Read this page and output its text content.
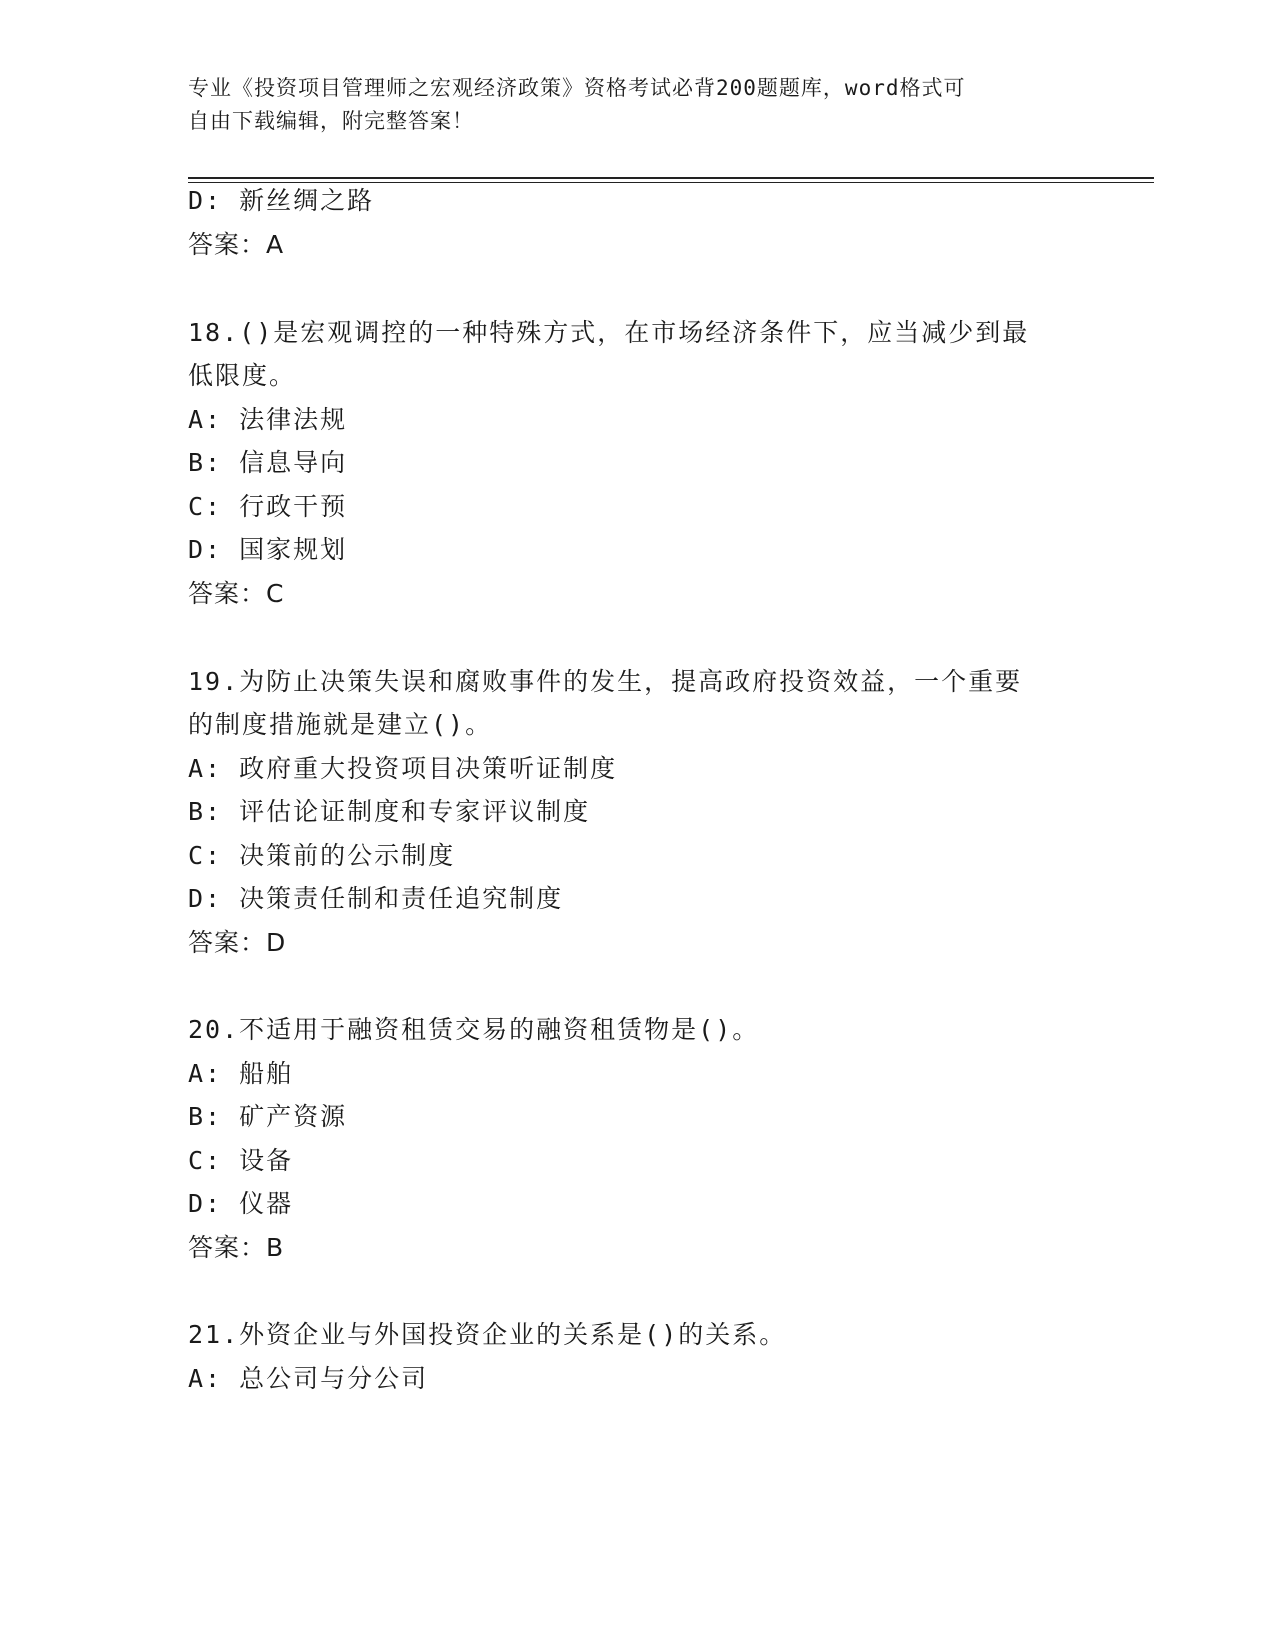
专业《投资项目管理师之宏观经济政策》资格考试必背200题题库，word格式可
自由下载编辑，附完整答案！
D: 新丝绸之路
答案：A
18.()是宏观调控的一种特殊方式，在市场经济条件下，应当减少到最
低限度。
A: 法律法规
B: 信息导向
C: 行政干预
D: 国家规划
答案：C
19.为防止决策失误和腐败事件的发生，提高政府投资效益，一个重要
的制度措施就是建立()。
A: 政府重大投资项目决策听证制度
B: 评估论证制度和专家评议制度
C: 决策前的公示制度
D: 决策责任制和责任追究制度
答案：D
20.不适用于融资租赁交易的融资租赁物是()。
A: 船舶
B: 矿产资源
C: 设备
D: 仪器
答案：B
21.外资企业与外国投资企业的关系是()的关系。
A: 总公司与分公司
